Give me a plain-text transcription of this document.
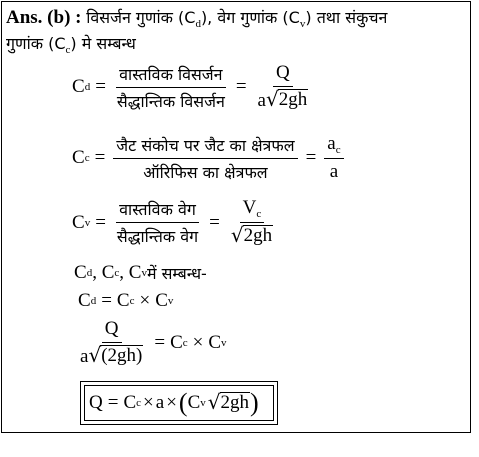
Ans. (b) : विसर्जन गुणांक $(C_d)$, वेग गुणांक $(C_v)$ तथा संकुचन
गुणांक $(C_c)$ मे सम्बन्ध
C $d = \frac{\text{वास्तविक विसर्जन}}{\text{सैद्धान्तिक विसर्जन}} = \frac{Q}{a √ 2gh}$
C $c = \frac{\text{जैट संकोच पर जैट का क्षेत्रफल}}{\text{ऑरिफिस का क्षेत्रफल}} = \frac{a_c}{a}$
C $v = \frac{\text{वास्तविक वेग}}{\text{सैद्धान्तिक वेग}} = \frac{V_c}{√ 2gh}$
C d , C c , C v में सम्बन्ध-
C d = C c × C v
$\frac{Q}{a √ (2gh)} = C$ c × C v
Q = C c × a × ( C v √ 2gh )
